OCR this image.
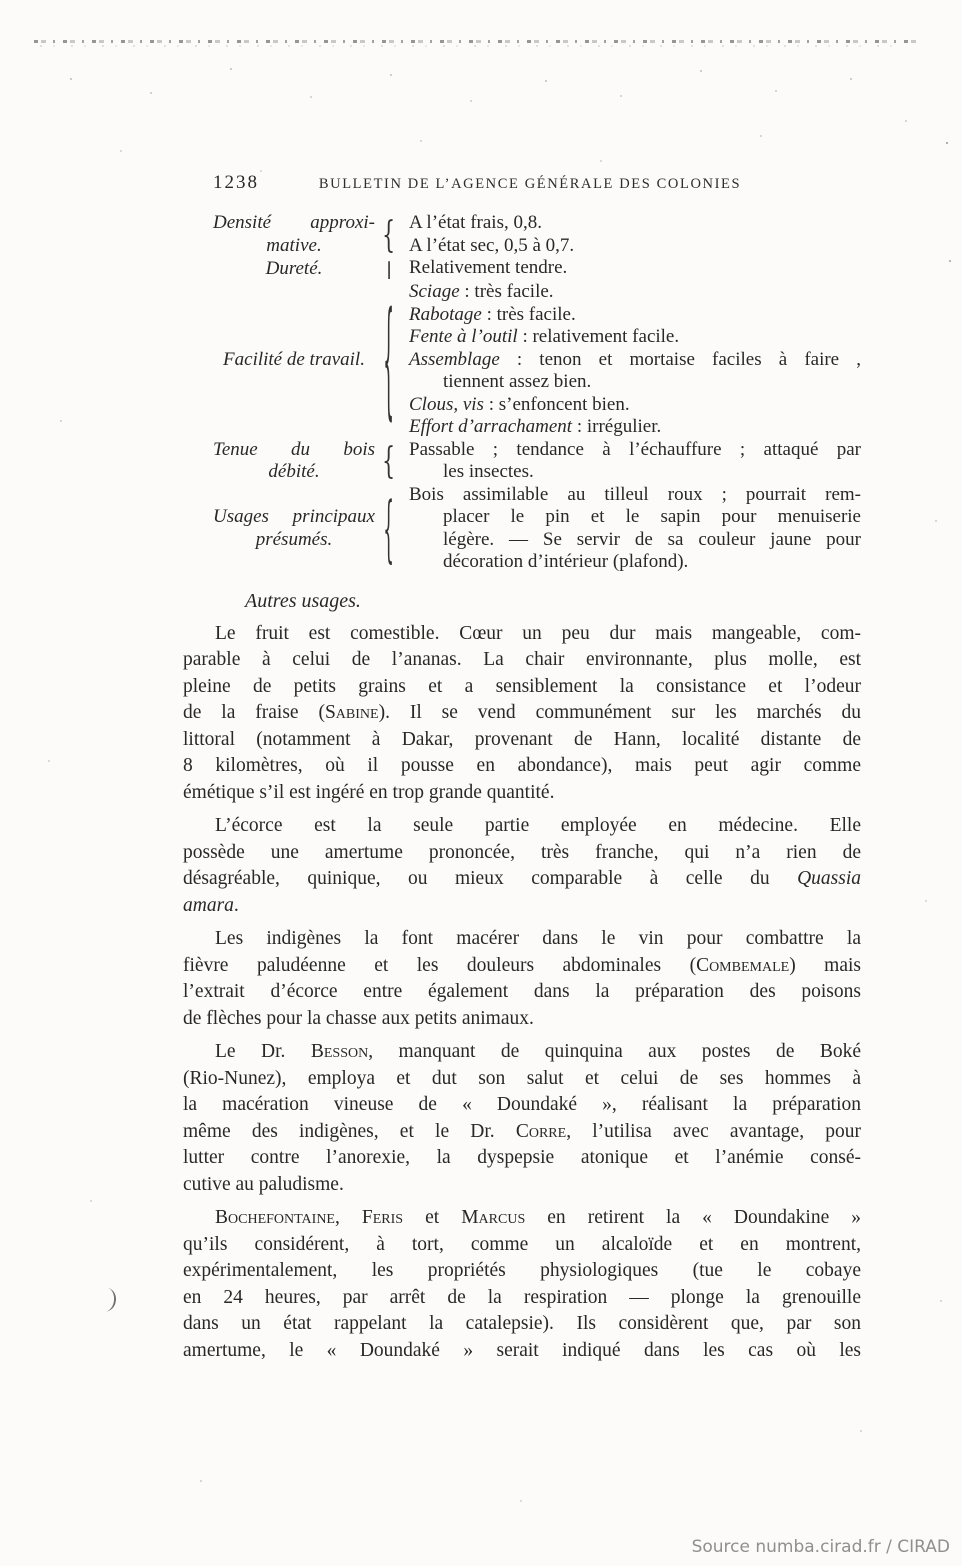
1238	BULLETIN DE L’AGENCE GÉNÉRALE DES COLONIES
Densité approxi-
mative.	{ A l’état frais, 0,8.
A l’état sec, 0,5 à 0,7.
Dureté.	| Relativement tendre.
Facilité de travail. { Sciage : très facile.
Rabotage : très facile.
Fente à l’outil : relativement facile.
Assemblage : tenon et mortaise faciles à faire ,
tiennent assez bien.
Clous, vis : s’enfoncent bien.
Effort d’arrachament : irrégulier.
Tenue du bois
débité.	{ Passable ; tendance à l’échauffure ; attaqué par
les insectes.
Usages principaux
présumés.	{ Bois assimilable au tilleul roux ; pourrait rem-
placer le pin et le sapin pour menuiserie
légère. — Se servir de sa couleur jaune pour
décoration d’intérieur (plafond).
Autres usages.
Le fruit est comestible. Cœur un peu dur mais mangeable, com-
parable à celui de l’ananas. La chair environnante, plus molle, est
pleine de petits grains et a sensiblement la consistance et l’odeur
de la fraise (Sabine). Il se vend communément sur les marchés du
littoral (notamment à Dakar, provenant de Hann, localité distante de
8 kilomètres, où il pousse en abondance), mais peut agir comme
émétique s’il est ingéré en trop grande quantité.
L’écorce est la seule partie employée en médecine. Elle
possède une amertume prononcée, très franche, qui n’a rien de
désagréable, quinique, ou mieux comparable à celle du Quassia
amara.
Les indigènes la font macérer dans le vin pour combattre la
fièvre paludéenne et les douleurs abdominales (Combemale) mais
l’extrait d’écorce entre également dans la préparation des poisons
de flèches pour la chasse aux petits animaux.
Le Dr. Besson, manquant de quinquina aux postes de Boké
(Rio-Nunez), employa et dut son salut et celui de ses hommes à
la macération vineuse de « Doundaké », réalisant la préparation
même des indigènes, et le Dr. Corre, l’utilisa avec avantage, pour
lutter contre l’anorexie, la dyspepsie atonique et l’anémie consé-
cutive au paludisme.
Bochefontaine, Feris et Marcus en retirent la « Doundakine »
qu’ils considérent, à tort, comme un alcaloïde et en montrent,
expérimentalement, les propriétés physiologiques (tue le cobaye
en 24 heures, par arrêt de la respiration — plonge la grenouille
dans un état rappelant la catalepsie). Ils considèrent que, par son
amertume, le « Doundaké » serait indiqué dans les cas où les
Source numba.cirad.fr / CIRAD
